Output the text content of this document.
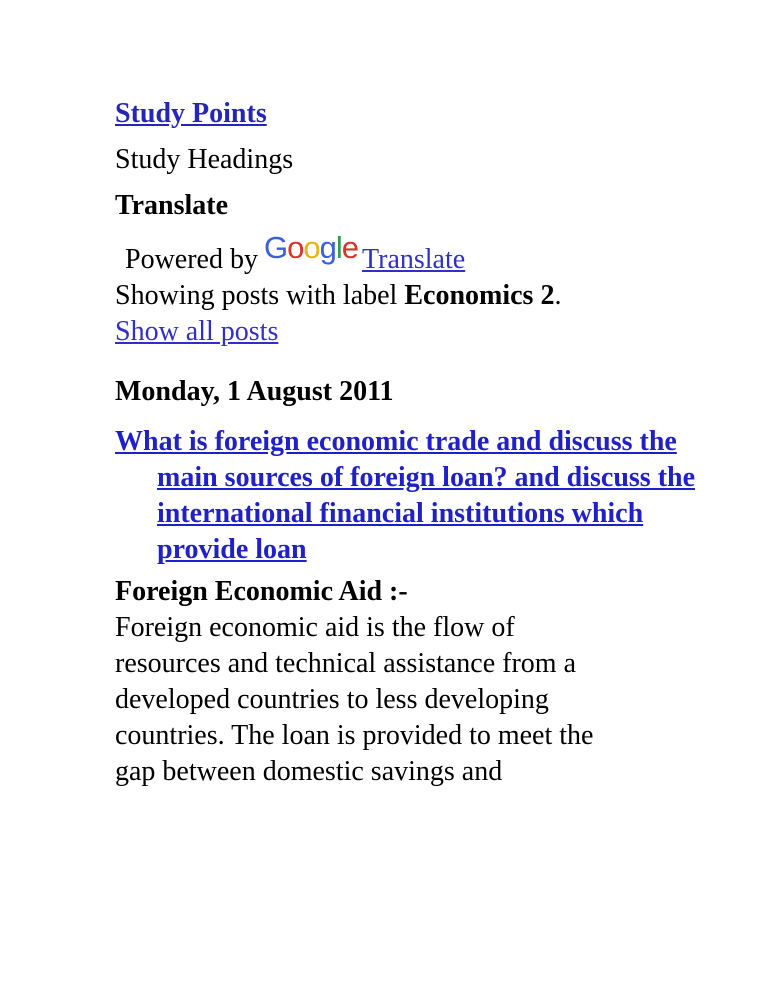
Study Points
Study Headings
Translate
Powered by Google Translate
Showing posts with label Economics 2.
Show all posts
Monday, 1 August 2011
What is foreign economic trade and discuss the main sources of foreign loan? and discuss the international financial institutions which provide loan
Foreign Economic Aid :-
Foreign economic aid is the flow of resources and technical assistance from a developed countries to less developing countries. The loan is provided to meet the gap between domestic savings and
